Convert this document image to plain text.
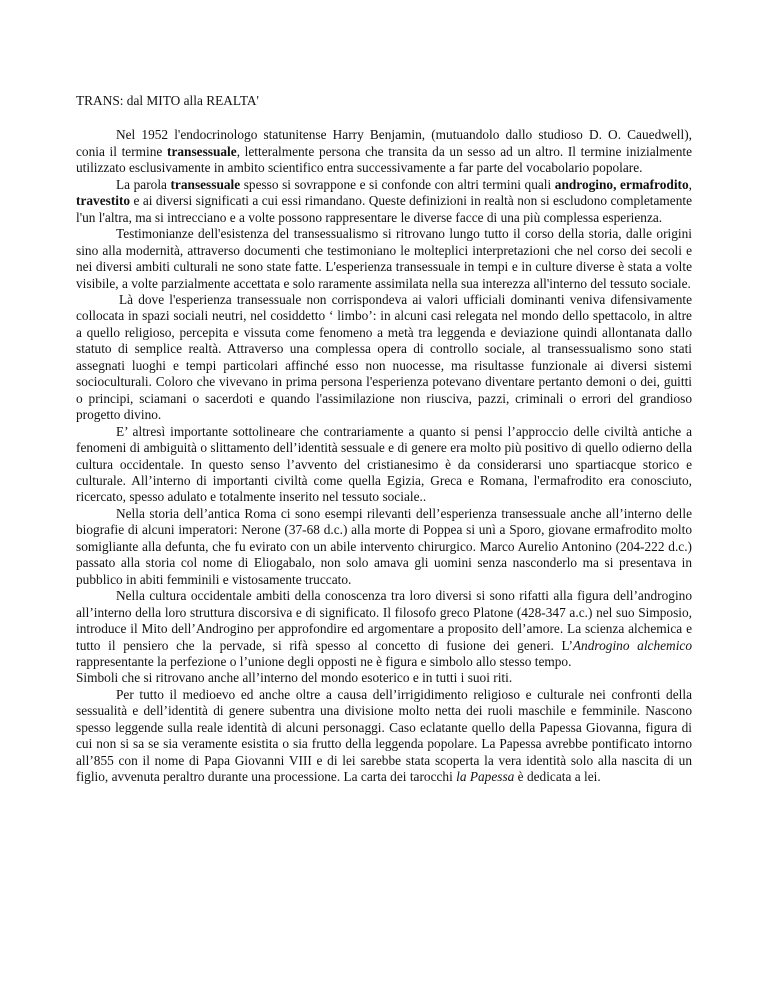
TRANS: dal MITO alla REALTA'

Nel 1952 l'endocrinologo statunitense Harry Benjamin, (mutuandolo dallo studioso D. O. Cauedwell), conia il termine transessuale, letteralmente persona che transita da un sesso ad un altro. Il termine inizialmente utilizzato esclusivamente in ambito scientifico entra successivamente a far parte del vocabolario popolare.

La parola transessuale spesso si sovrappone e si confonde con altri termini quali androgino, ermafrodito, travestito e ai diversi significati a cui essi rimandano. Queste definizioni in realtà non si escludono completamente l'un l'altra, ma si intrecciano e a volte possono rappresentare le diverse facce di una più complessa esperienza.

Testimonianze dell'esistenza del transessualismo si ritrovano lungo tutto il corso della storia, dalle origini sino alla modernità, attraverso documenti che testimoniano le molteplici interpretazioni che nel corso dei secoli e nei diversi ambiti culturali ne sono state fatte. L'esperienza transessuale in tempi e in culture diverse è stata a volte visibile, a volte parzialmente accettata e solo raramente assimilata nella sua interezza all'interno del tessuto sociale.

Là dove l'esperienza transessuale non corrispondeva ai valori ufficiali dominanti veniva difensivamente collocata in spazi sociali neutri, nel cosiddetto ‘ limbo’: in alcuni casi relegata nel mondo dello spettacolo, in altre a quello religioso, percepita e vissuta come fenomeno a metà tra leggenda e deviazione quindi allontanata dallo statuto di semplice realtà. Attraverso una complessa opera di controllo sociale, al transessualismo sono stati assegnati luoghi e tempi particolari affinché esso non nuocesse, ma risultasse funzionale ai diversi sistemi socioculturali. Coloro che vivevano in prima persona l'esperienza potevano diventare pertanto demoni o dei, guitti o principi, sciamani o sacerdoti e quando l'assimilazione non riusciva, pazzi, criminali o errori del grandioso progetto divino.

E’ altresì importante sottolineare che contrariamente a quanto si pensi l’approccio delle civiltà antiche a fenomeni di ambiguità o slittamento dell’identità sessuale e di genere era molto più positivo di quello odierno della cultura occidentale. In questo senso l’avvento del cristianesimo è da considerarsi uno spartiacque storico e culturale. All’interno di importanti civiltà come quella Egizia, Greca e Romana, l'ermafrodito era conosciuto, ricercato, spesso adulato e totalmente inserito nel tessuto sociale..

Nella storia dell’antica Roma ci sono esempi rilevanti dell’esperienza transessuale anche all’interno delle biografie di alcuni imperatori: Nerone (37-68 d.c.) alla morte di Poppea si unì a Sporo, giovane ermafrodito molto somigliante alla defunta, che fu evirato con un abile intervento chirurgico. Marco Aurelio Antonino (204-222 d.c.) passato alla storia col nome di Eliogabalo, non solo amava gli uomini senza nasconderlo ma si presentava in pubblico in abiti femminili e vistosamente truccato.

Nella cultura occidentale ambiti della conoscenza tra loro diversi si sono rifatti alla figura dell’androgino all’interno della loro struttura discorsiva e di significato. Il filosofo greco Platone (428-347 a.c.) nel suo Simposio, introduce il Mito dell’Androgino per approfondire ed argomentare a proposito dell’amore. La scienza alchemica e tutto il pensiero che la pervade, si rifà spesso al concetto di fusione dei generi. L’Androgino alchemico rappresentante la perfezione o l’unione degli opposti ne è figura e simbolo allo stesso tempo.

Simboli che si ritrovano anche all’interno del mondo esoterico e in tutti i suoi riti.

Per tutto il medioevo ed anche oltre a causa dell’irrigidimento religioso e culturale nei confronti della sessualità e dell’identità di genere subentra una divisione molto netta dei ruoli maschile e femminile. Nascono spesso leggende sulla reale identità di alcuni personaggi. Caso eclatante quello della Papessa Giovanna, figura di cui non si sa se sia veramente esistita o sia frutto della leggenda popolare. La Papessa avrebbe pontificato intorno all’855 con il nome di Papa Giovanni VIII e di lei sarebbe stata scoperta la vera identità solo alla nascita di un figlio, avvenuta peraltro durante una processione. La carta dei tarocchi la Papessa è dedicata a lei.
